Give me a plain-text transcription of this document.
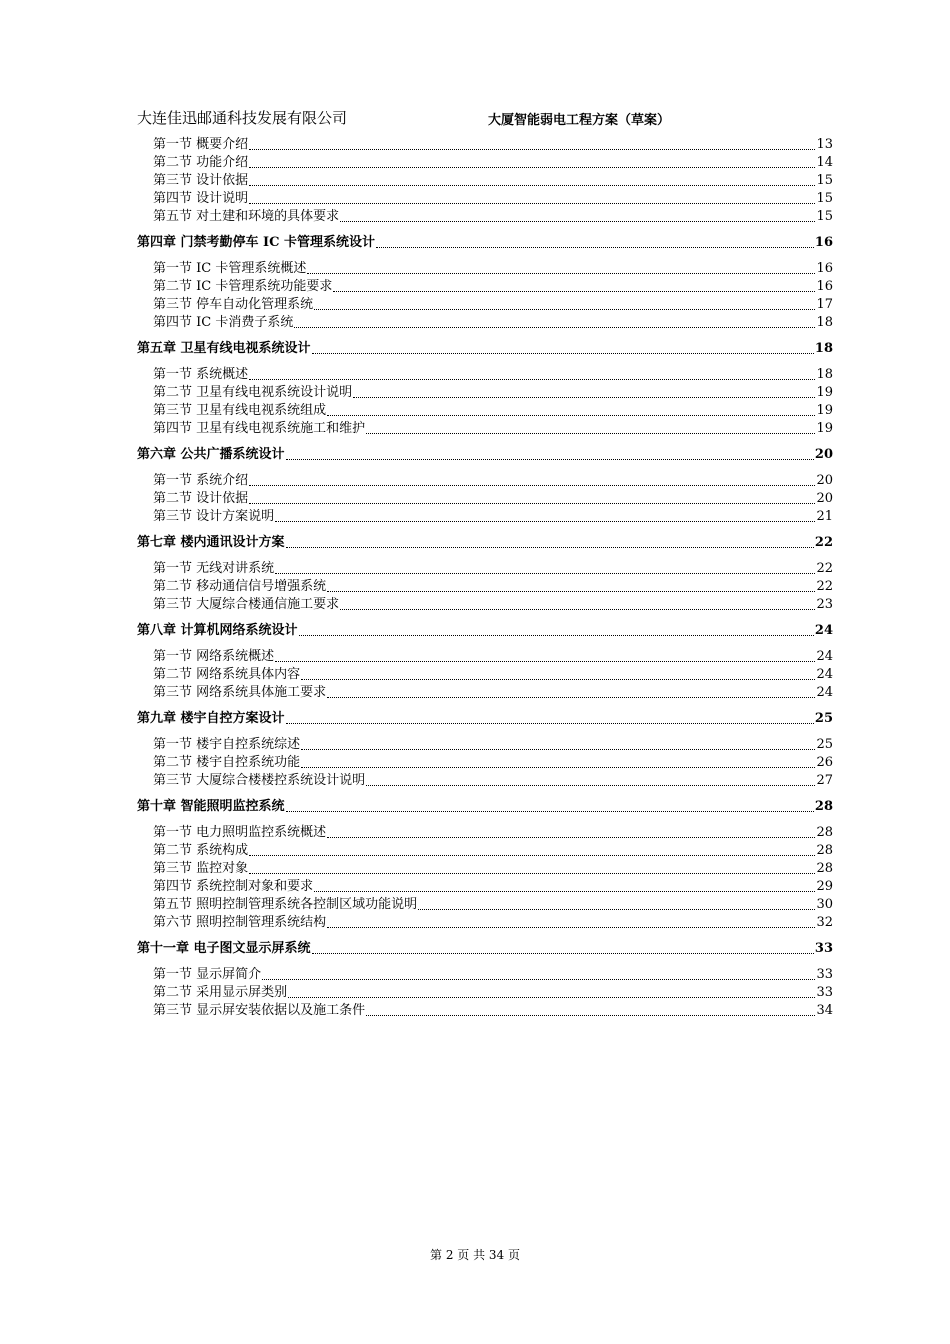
大连佳迅邮通科技发展有限公司	大厦智能弱电工程方案（草案）
第一节 概要介绍	13
第二节 功能介绍	14
第三节 设计依据	15
第四节 设计说明	15
第五节 对土建和环境的具体要求	15
第四章 门禁考勤停车 IC 卡管理系统设计	16
第一节 IC 卡管理系统概述	16
第二节 IC 卡管理系统功能要求	16
第三节 停车自动化管理系统	17
第四节 IC 卡消费子系统	18
第五章 卫星有线电视系统设计	18
第一节 系统概述	18
第二节 卫星有线电视系统设计说明	19
第三节 卫星有线电视系统组成	19
第四节 卫星有线电视系统施工和维护	19
第六章 公共广播系统设计	20
第一节 系统介绍	20
第二节 设计依据	20
第三节 设计方案说明	21
第七章 楼内通讯设计方案	22
第一节 无线对讲系统	22
第二节 移动通信信号增强系统	22
第三节 大厦综合楼通信施工要求	23
第八章 计算机网络系统设计	24
第一节 网络系统概述	24
第二节 网络系统具体内容	24
第三节 网络系统具体施工要求	24
第九章 楼宇自控方案设计	25
第一节 楼宇自控系统综述	25
第二节 楼宇自控系统功能	26
第三节 大厦综合楼楼控系统设计说明	27
第十章 智能照明监控系统	28
第一节 电力照明监控系统概述	28
第二节 系统构成	28
第三节 监控对象	28
第四节 系统控制对象和要求	29
第五节 照明控制管理系统各控制区域功能说明	30
第六节 照明控制管理系统结构	32
第十一章 电子图文显示屏系统	33
第一节 显示屏简介	33
第二节 采用显示屏类别	33
第三节 显示屏安装依据以及施工条件	34
第 2 页 共 34 页
